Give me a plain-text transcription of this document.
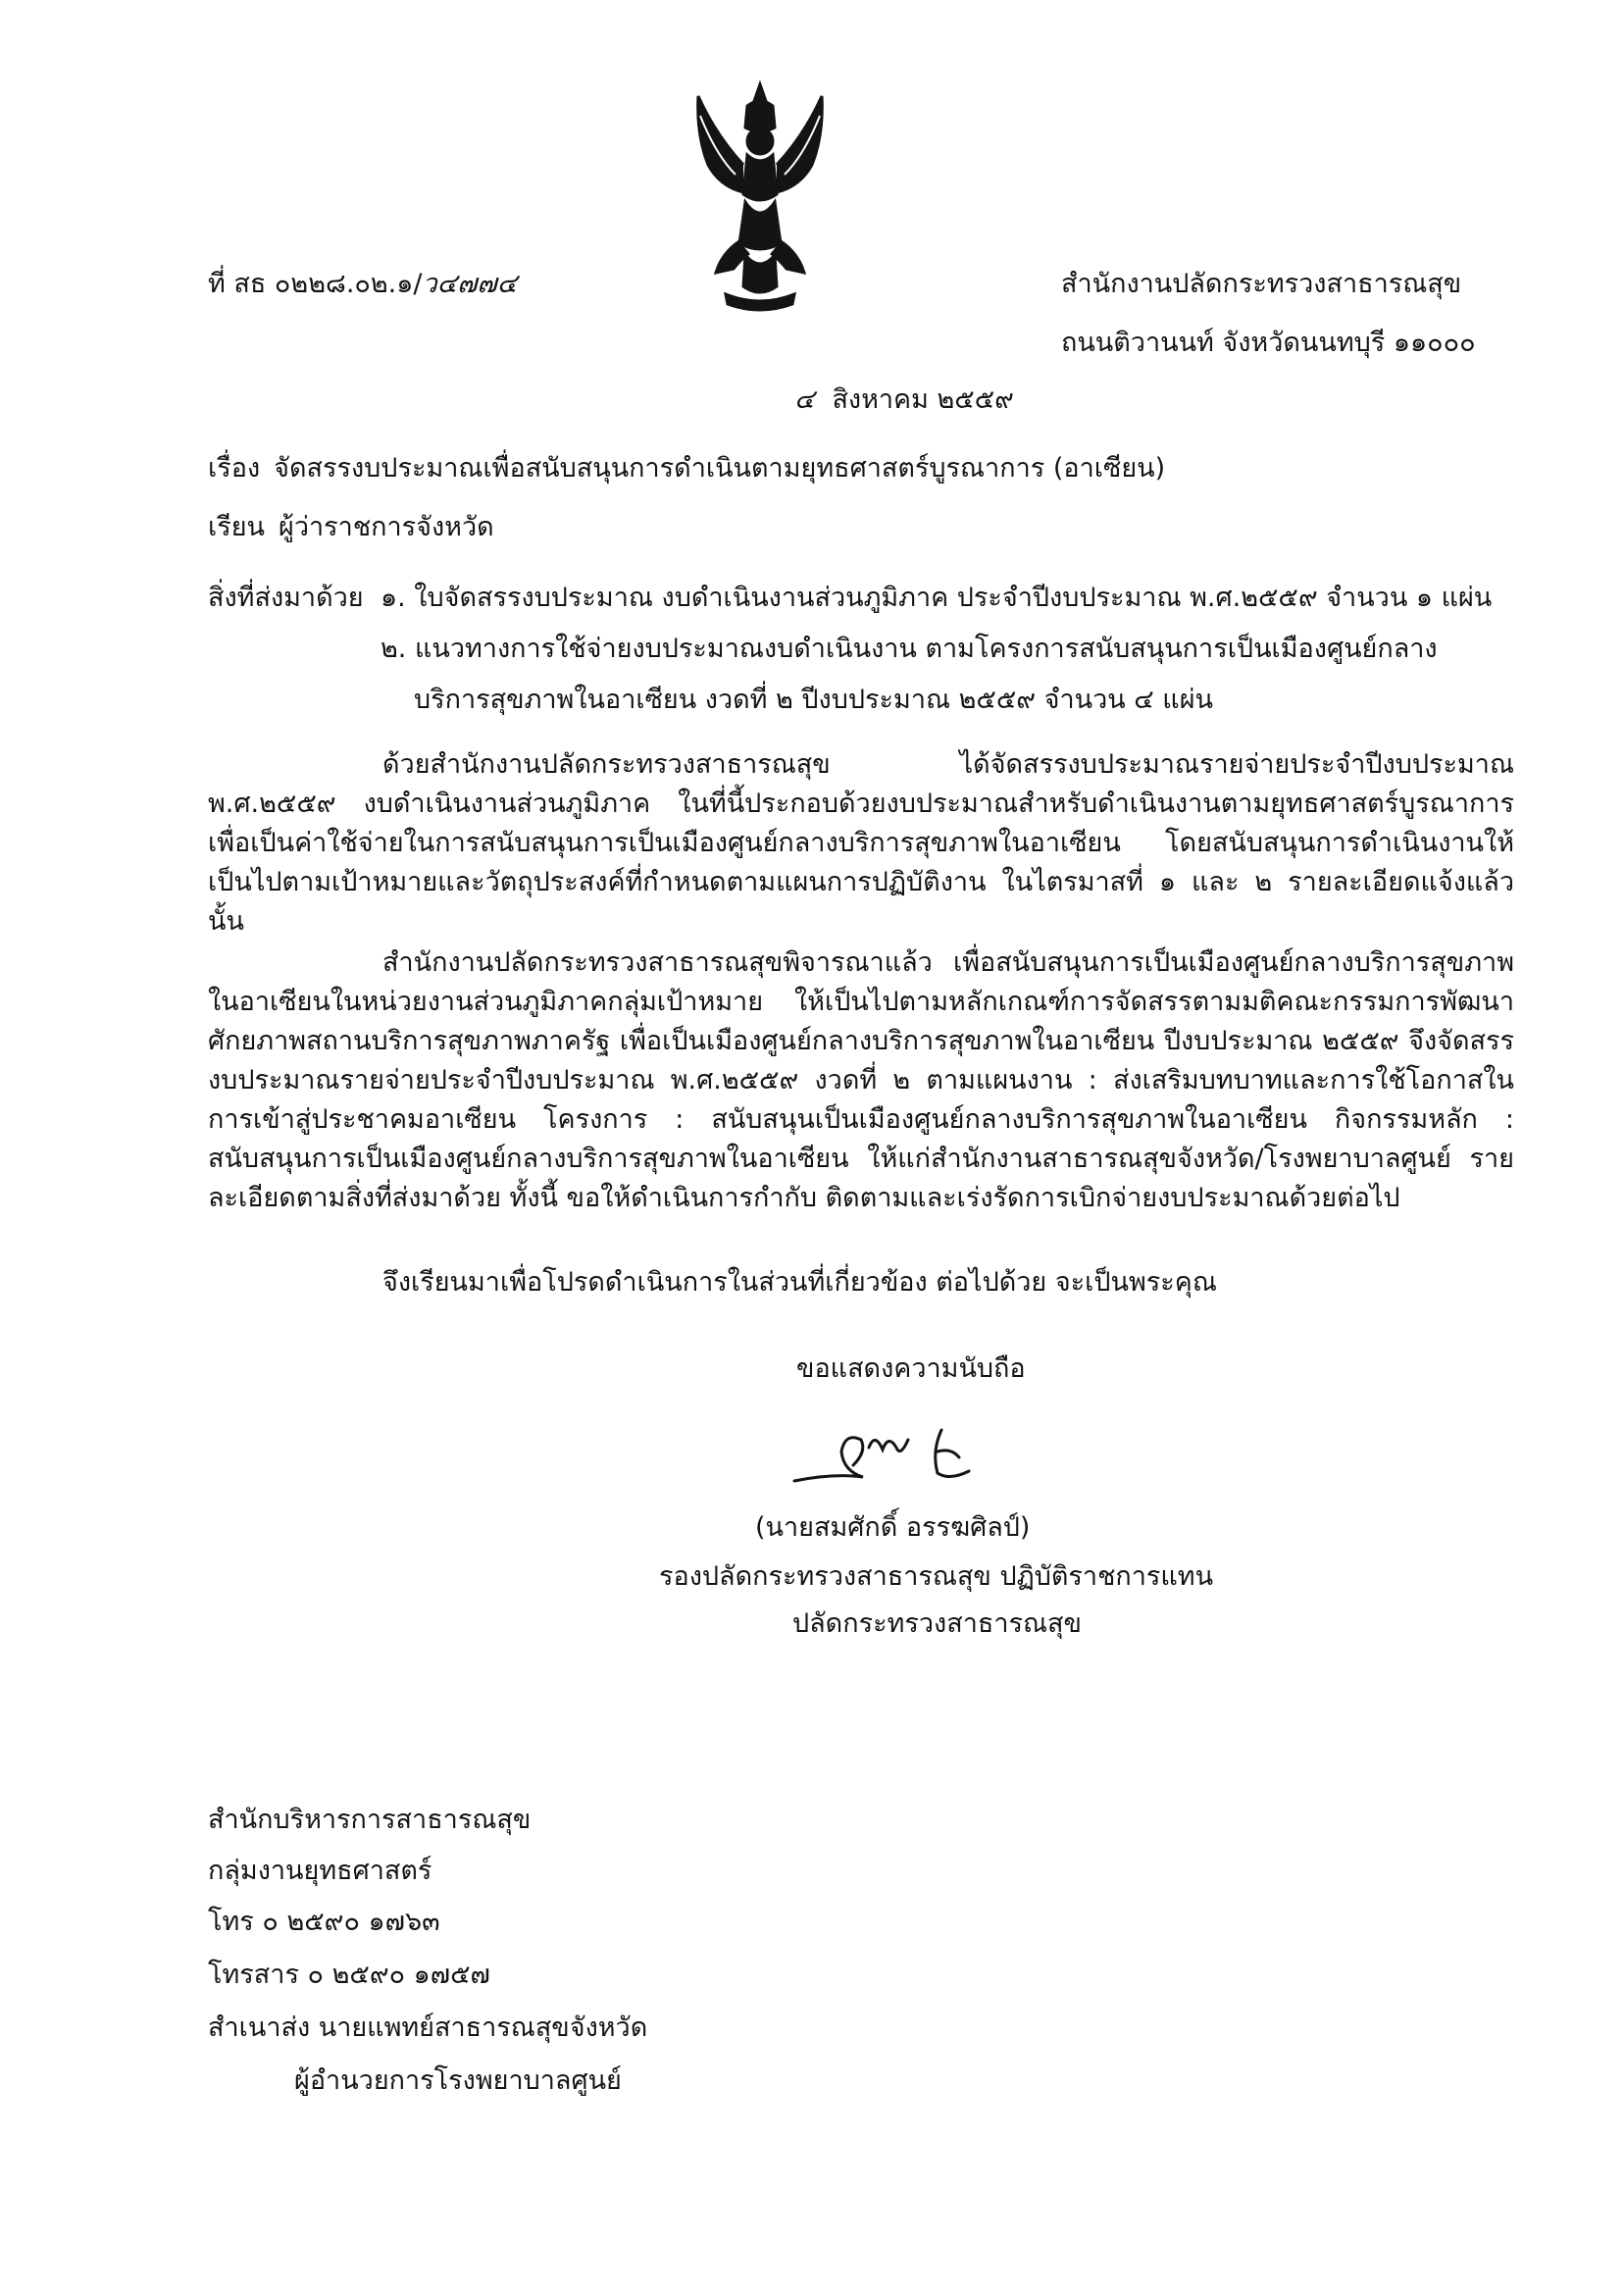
ที่ สธ ๐๒๒๘.๐๒.๑/ว๔๗๗๔	สำนักงานปลัดกระทรวงสาธารณสุข
ถนนติวานนท์ จังหวัดนนทบุรี ๑๑๐๐๐
๔ สิงหาคม ๒๕๕๙
เรื่อง จัดสรรงบประมาณเพื่อสนับสนุนการดำเนินตามยุทธศาสตร์บูรณาการ (อาเซียน)
เรียน ผู้ว่าราชการจังหวัด
สิ่งที่ส่งมาด้วย ๑. ใบจัดสรรงบประมาณ งบดำเนินงานส่วนภูมิภาค ประจำปีงบประมาณ พ.ศ.๒๕๕๙ จำนวน ๑ แผ่น
๒. แนวทางการใช้จ่ายงบประมาณงบดำเนินงาน ตามโครงการสนับสนุนการเป็นเมืองศูนย์กลาง
บริการสุขภาพในอาเซียน งวดที่ ๒ ปีงบประมาณ ๒๕๕๙ จำนวน ๔ แผ่น
ด้วยสำนักงานปลัดกระทรวงสาธารณสุข ได้จัดสรรงบประมาณรายจ่ายประจำปีงบประมาณ พ.ศ.๒๕๕๙ งบดำเนินงานส่วนภูมิภาค ในที่นี้ประกอบด้วยงบประมาณสำหรับดำเนินงานตามยุทธศาสตร์บูรณาการ เพื่อเป็นค่าใช้จ่ายในการสนับสนุนการเป็นเมืองศูนย์กลางบริการสุขภาพในอาเซียน โดยสนับสนุนการดำเนินงานให้เป็นไปตามเป้าหมายและวัตถุประสงค์ที่กำหนดตามแผนการปฏิบัติงาน ในไตรมาสที่ ๑ และ ๒ รายละเอียดแจ้งแล้ว นั้น
สำนักงานปลัดกระทรวงสาธารณสุขพิจารณาแล้ว เพื่อสนับสนุนการเป็นเมืองศูนย์กลางบริการสุขภาพในอาเซียนในหน่วยงานส่วนภูมิภาคกลุ่มเป้าหมาย ให้เป็นไปตามหลักเกณฑ์การจัดสรรตามมติคณะกรรมการพัฒนาศักยภาพสถานบริการสุขภาพภาครัฐ เพื่อเป็นเมืองศูนย์กลางบริการสุขภาพในอาเซียน ปีงบประมาณ ๒๕๕๙ จึงจัดสรรงบประมาณรายจ่ายประจำปีงบประมาณ พ.ศ.๒๕๕๙ งวดที่ ๒ ตามแผนงาน : ส่งเสริมบทบาทและการใช้โอกาสในการเข้าสู่ประชาคมอาเซียน โครงการ : สนับสนุนเป็นเมืองศูนย์กลางบริการสุขภาพในอาเซียน กิจกรรมหลัก : สนับสนุนการเป็นเมืองศูนย์กลางบริการสุขภาพในอาเซียน ให้แก่สำนักงานสาธารณสุขจังหวัด/โรงพยาบาลศูนย์ รายละเอียดตามสิ่งที่ส่งมาด้วย ทั้งนี้ ขอให้ดำเนินการกำกับ ติดตามและเร่งรัดการเบิกจ่ายงบประมาณด้วยต่อไป
จึงเรียนมาเพื่อโปรดดำเนินการในส่วนที่เกี่ยวข้อง ต่อไปด้วย จะเป็นพระคุณ
ขอแสดงความนับถือ
(นายสมศักดิ์ อรรฆศิลป์)
รองปลัดกระทรวงสาธารณสุข ปฏิบัติราชการแทน
ปลัดกระทรวงสาธารณสุข
สำนักบริหารการสาธารณสุข
กลุ่มงานยุทธศาสตร์
โทร ๐ ๒๕๙๐ ๑๗๖๓
โทรสาร ๐ ๒๕๙๐ ๑๗๕๗
สำเนาส่ง นายแพทย์สาธารณสุขจังหวัด
ผู้อำนวยการโรงพยาบาลศูนย์
